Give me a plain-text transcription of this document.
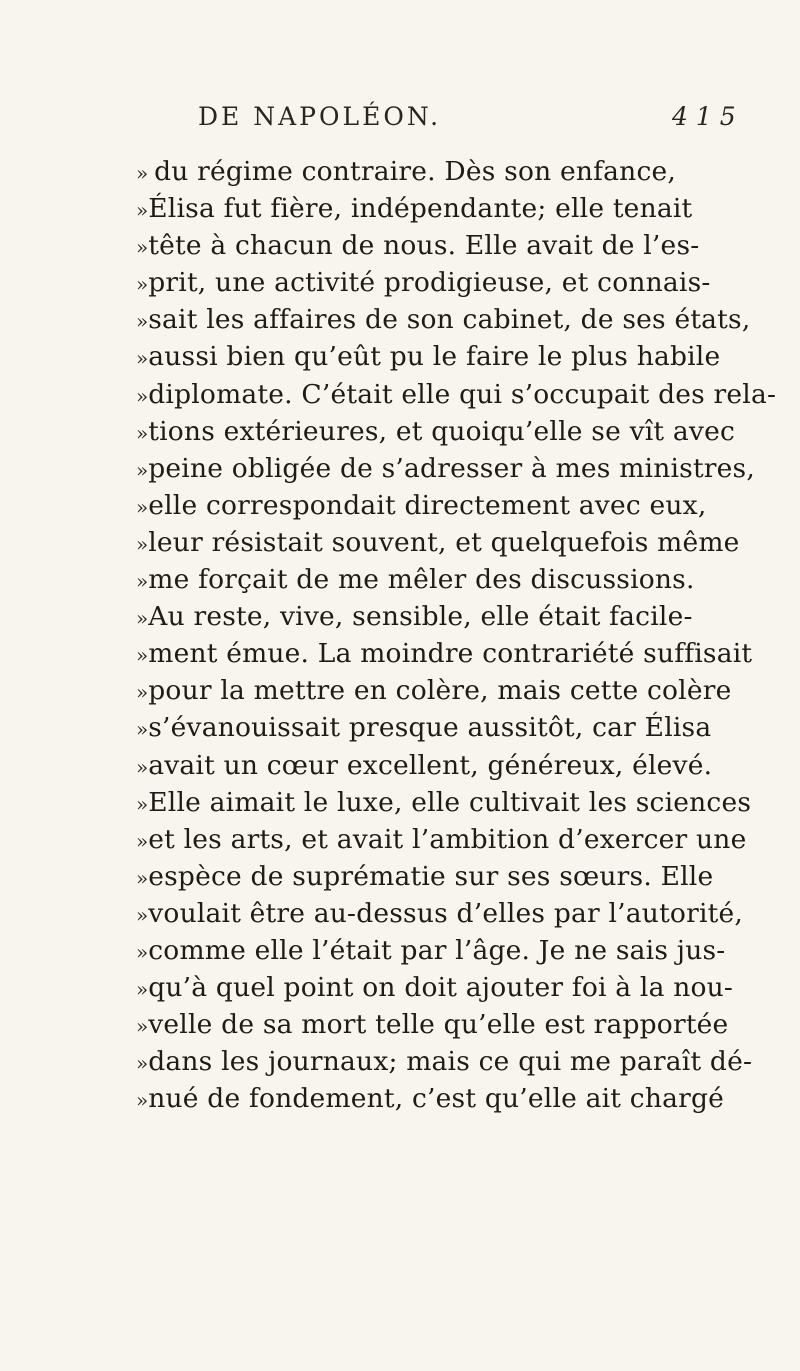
DE NAPOLÉON.	4 1 5
» du régime contraire. Dès son enfance,
» Élisa fut fière, indépendante; elle tenait
» tête à chacun de nous. Elle avait de l’es-
» prit, une activité prodigieuse, et connais-
» sait les affaires de son cabinet, de ses états,
» aussi bien qu’eût pu le faire le plus habile
» diplomate. C’était elle qui s’occupait des rela-
» tions extérieures, et quoiqu’elle se vît avec
» peine obligée de s’adresser à mes ministres,
» elle correspondait directement avec eux,
» leur résistait souvent, et quelquefois même
» me forçait de me mêler des discussions.
» Au reste, vive, sensible, elle était facile-
» ment émue. La moindre contrariété suffisait
» pour la mettre en colère, mais cette colère
» s’évanouissait presque aussitôt, car Élisa
» avait un cœur excellent, généreux, élevé.
» Elle aimait le luxe, elle cultivait les sciences
» et les arts, et avait l’ambition d’exercer une
» espèce de suprématie sur ses sœurs. Elle
» voulait être au-dessus d’elles par l’autorité,
» comme elle l’était par l’âge. Je ne sais jus-
» qu’à quel point on doit ajouter foi à la nou-
» velle de sa mort telle qu’elle est rapportée
» dans les journaux; mais ce qui me paraît dé-
» nué de fondement, c’est qu’elle ait chargé
